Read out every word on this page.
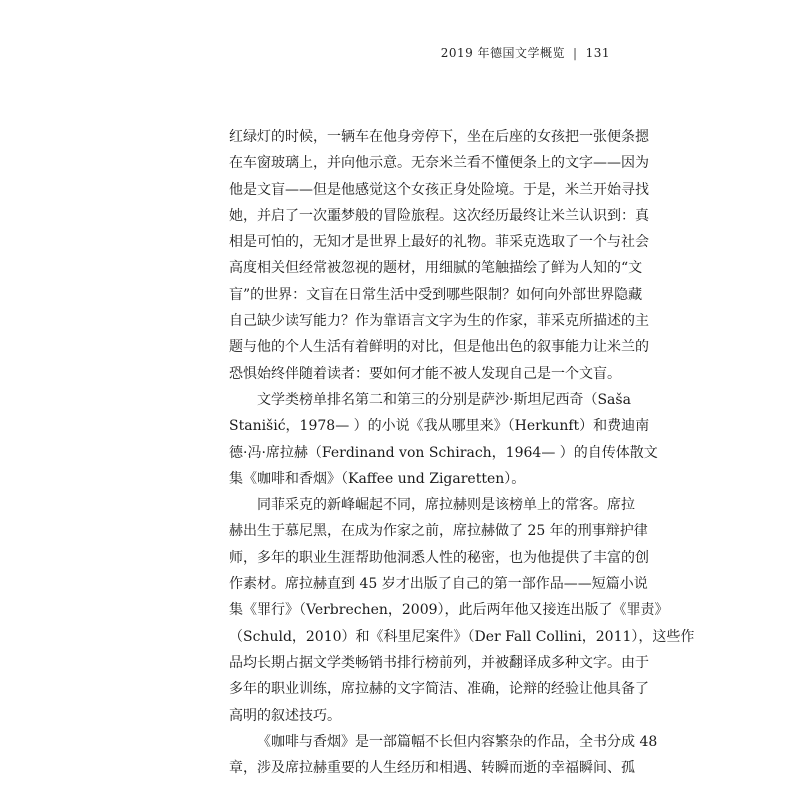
2019 年德国文学概览 | 131
红绿灯的时候，一辆车在他身旁停下，坐在后座的女孩把一张便条摁
在车窗玻璃上，并向他示意。无奈米兰看不懂便条上的文字——因为
他是文盲——但是他感觉这个女孩正身处险境。于是，米兰开始寻找
她，并启了一次噩梦般的冒险旅程。这次经历最终让米兰认识到：真
相是可怕的，无知才是世界上最好的礼物。菲采克选取了一个与社会
高度相关但经常被忽视的题材，用细腻的笔触描绘了鲜为人知的“文
盲”的世界：文盲在日常生活中受到哪些限制？如何向外部世界隐藏
自己缺少读写能力？作为靠语言文字为生的作家，菲采克所描述的主
题与他的个人生活有着鲜明的对比，但是他出色的叙事能力让米兰的
恐惧始终伴随着读者：要如何才能不被人发现自己是一个文盲。
文学类榜单排名第二和第三的分别是萨沙·斯坦尼西奇（Saša
Stanišić，1978— ）的小说《我从哪里来》（Herkunft）和费迪南
德·冯·席拉赫（Ferdinand von Schirach，1964— ）的自传体散文
集《咖啡和香烟》（Kaffee und Zigaretten）。
同菲采克的新峰崛起不同，席拉赫则是该榜单上的常客。席拉
赫出生于慕尼黑，在成为作家之前，席拉赫做了 25 年的刑事辩护律
师，多年的职业生涯帮助他洞悉人性的秘密，也为他提供了丰富的创
作素材。席拉赫直到 45 岁才出版了自己的第一部作品——短篇小说
集《罪行》（Verbrechen，2009），此后两年他又接连出版了《罪责》
（Schuld，2010）和《科里尼案件》（Der Fall Collini，2011），这些作
品均长期占据文学类畅销书排行榜前列，并被翻译成多种文字。由于
多年的职业训练，席拉赫的文字简洁、准确，论辩的经验让他具备了
高明的叙述技巧。
《咖啡与香烟》是一部篇幅不长但内容繁杂的作品，全书分成 48
章，涉及席拉赫重要的人生经历和相遇、转瞬而逝的幸福瞬间、孤
